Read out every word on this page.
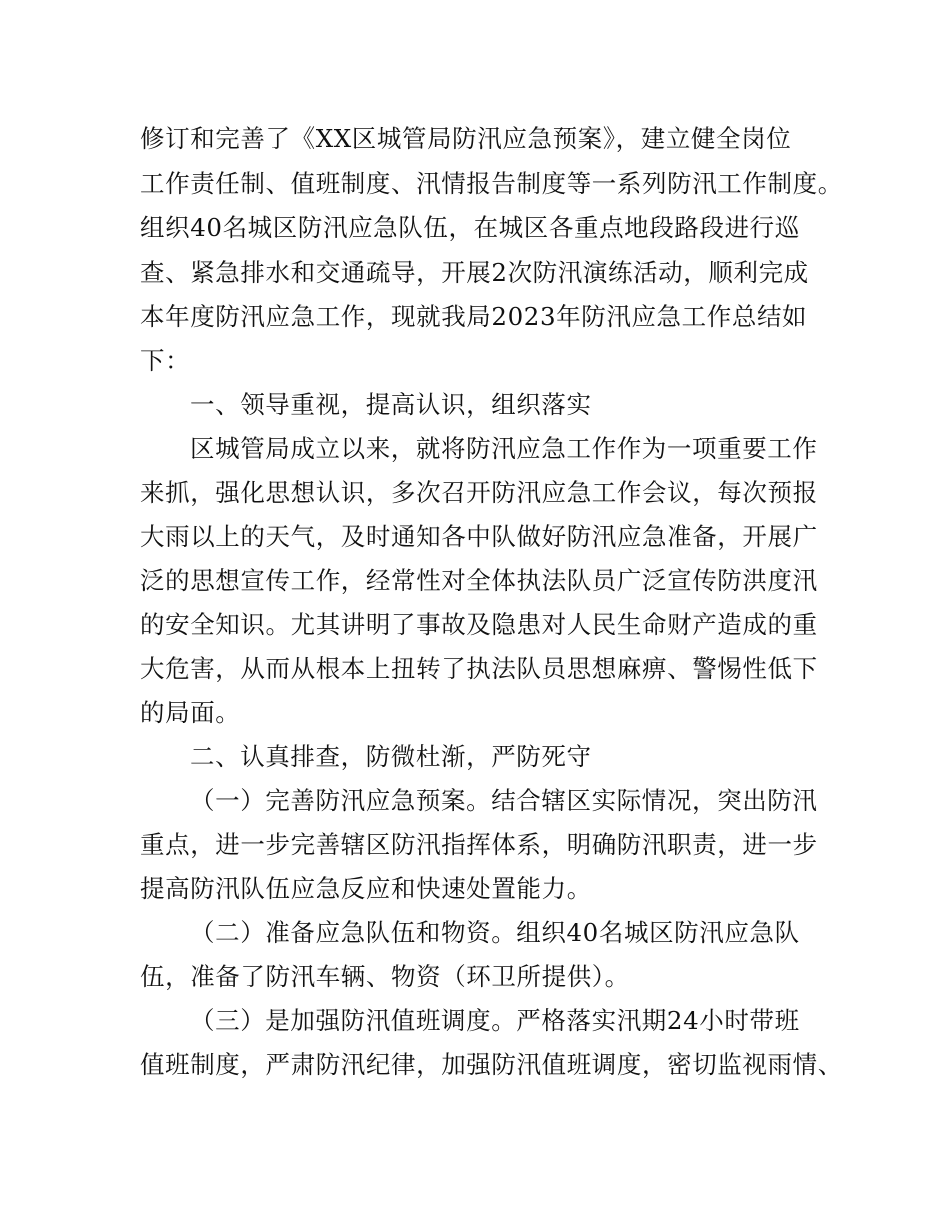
修订和完善了《XX区城管局防汛应急预案》，建立健全岗位
工作责任制、值班制度、汛情报告制度等一系列防汛工作制度。
组织40名城区防汛应急队伍，在城区各重点地段路段进行巡
查、紧急排水和交通疏导，开展2次防汛演练活动，顺利完成
本年度防汛应急工作，现就我局2023年防汛应急工作总结如
下：
一、领导重视，提高认识，组织落实
区城管局成立以来，就将防汛应急工作作为一项重要工作
来抓，强化思想认识，多次召开防汛应急工作会议，每次预报
大雨以上的天气，及时通知各中队做好防汛应急准备，开展广
泛的思想宣传工作，经常性对全体执法队员广泛宣传防洪度汛
的安全知识。尤其讲明了事故及隐患对人民生命财产造成的重
大危害，从而从根本上扭转了执法队员思想麻痹、警惕性低下
的局面。
二、认真排查，防微杜渐，严防死守
（一）完善防汛应急预案。结合辖区实际情况，突出防汛
重点，进一步完善辖区防汛指挥体系，明确防汛职责，进一步
提高防汛队伍应急反应和快速处置能力。
（二）准备应急队伍和物资。组织40名城区防汛应急队
伍，准备了防汛车辆、物资（环卫所提供）。
（三）是加强防汛值班调度。严格落实汛期24小时带班
值班制度，严肃防汛纪律，加强防汛值班调度，密切监视雨情、
